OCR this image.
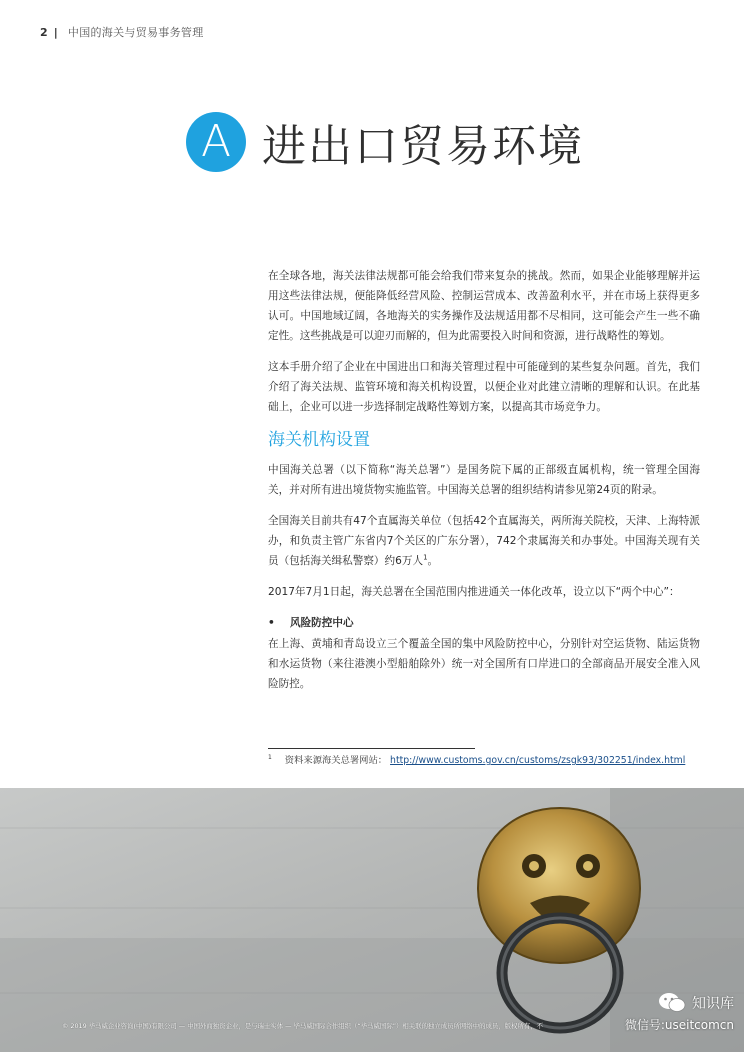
2 | 中国的海关与贸易事务管理
A 进出口贸易环境

在全球各地，海关法律法规都可能会给我们带来复杂的挑战。然而，如果企业能够理解并运用这些法律法规，便能降低经营风险、控制运营成本、改善盈利水平，并在市场上获得更多认可。中国地域辽阔，各地海关的实务操作及法规适用都不尽相同，这可能会产生一些不确定性。这些挑战是可以迎刃而解的，但为此需要投入时间和资源，进行战略性的筹划。

这本手册介绍了企业在中国进出口和海关管理过程中可能碰到的某些复杂问题。首先，我们介绍了海关法规、监管环境和海关机构设置，以便企业对此建立清晰的理解和认识。在此基础上，企业可以进一步选择制定战略性筹划方案，以提高其市场竞争力。

海关机构设置

中国海关总署（以下简称“海关总署”）是国务院下属的正部级直属机构，统一管理全国海关，并对所有进出境货物实施监管。中国海关总署的组织结构请参见第24页的附录。

全国海关目前共有47个直属海关单位（包括42个直属海关，两所海关院校，天津、上海特派办，和负责主管广东省内7个关区的广东分署），742个隶属海关和办事处。中国海关现有关员（包括海关缉私警察）约6万人$^1$。

2017年7月1日起，海关总署在全国范围内推进通关一体化改革，设立以下“两个中心”：

•	风险防控中心

在上海、黄埔和青岛设立三个覆盖全国的集中风险防控中心，分别针对空运货物、陆运货物和水运货物（来往港澳小型船舶除外）统一对全国所有口岸进口的全部商品开展安全准入风险防控。

$^1$ 资料来源海关总署网站： http://www.customs.gov.cn/customs/zsgk93/302251/index.html
知识库
© 2019 毕马威企业咨询(中国)有限公司 — 中国外商独资企业，是与瑞士实体 — 毕马威国际合作组织（“毕马威国际”）相关联的独立成员所网络中的成员，版权所有，不	微信号:useitcomcn
